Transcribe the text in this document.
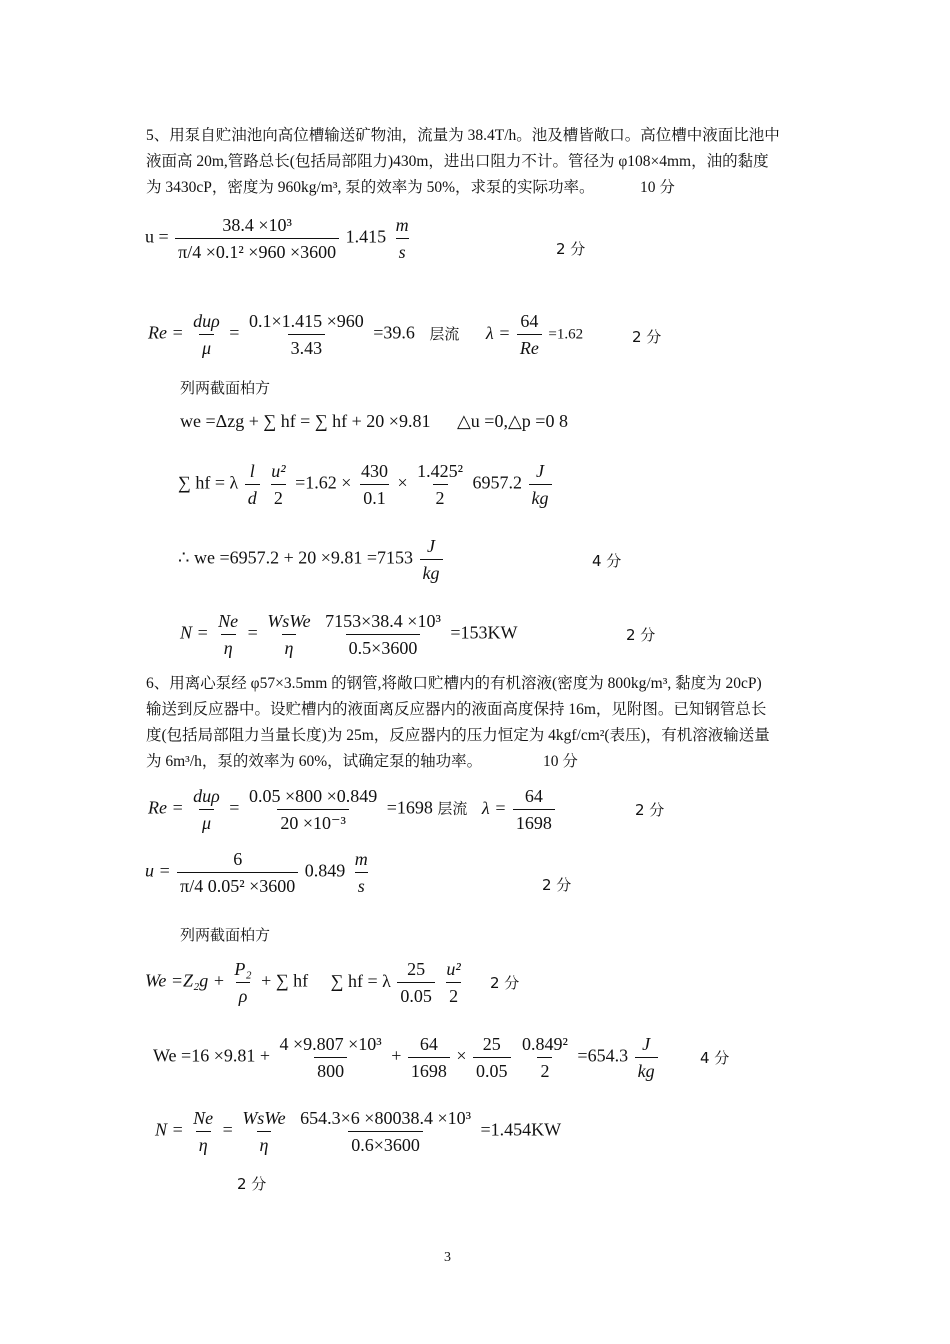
5、用泵自贮油池向高位槽输送矿物油，流量为 38.4T/h。池及槽皆敞口。高位槽中液面比池中
液面高 20m,管路总长(包括局部阻力)430m，进出口阻力不计。管径为 φ108×4mm，油的黏度
为 3430cP，密度为 960kg/m³, 泵的效率为 50%，求泵的实际功率。	10 分
$u = \frac{\text{38.4 ×10³}}{\text{π/4 ×0.1² ×960 ×3600}} 1.415 \frac{m}{s}$	2 分
$Re = \frac{\text{duρ}}{\mu} = \frac{0.1\times 1.415 \times 960}{3.43} =39.6$ 层流 $\lambda = \frac{64}{Re} =1.62$	2 分
列两截面柏方
we =Δzg + ∑ hf = ∑ hf + 20 ×9.81 △u =0,△p =0 8
∑ hf = λ $\frac{l}{d}$
$\frac{\text{u²}}{2} =1.62 \times \frac{430}{0.1} \times \frac{\text{1.425²}}{2} 6957.2 \frac{J}{kg}$
∴ we $=6957.2 + 20 \times 9.81 =7153 \frac{J}{kg}$	4 分
$N = \frac{Ne}{\eta} = \frac{\text{WsWe}}{\eta}$
$\frac{\text{7153×38.4 ×10³}}{0.5\times 3600} =153KW$	2 分
6、用离心泵经 φ57×3.5mm 的钢管,将敞口贮槽内的有机溶液(密度为 800kg/m³, 黏度为 20cP)
输送到反应器中。设贮槽内的液面离反应器内的液面高度保持 16m，见附图。已知钢管总长
度(包括局部阻力当量长度)为 25m，反应器内的压力恒定为 4kgf/cm²(表压)，有机溶液输送量
为 6m³/h，泵的效率为 60%，试确定泵的轴功率。	10 分
$Re = \frac{\text{duρ}}{\mu} = \frac{0.05 \times 800 \times 0.849}{\text{20 ×10⁻³}} =1698$ 层流 $\lambda = \frac{64}{1698}$	2 分
$u = \frac{6}{\text{π/4 0.05² ×3600}} 0.849 \frac{m}{s}$	2 分
列两截面柏方
$We =Z_2g + \frac{\text{P₂}}{\rho}$ + ∑ hf ∑ hf = λ $\frac{25}{0.05}$
$\frac{\text{u²}}{2} 2$ 分
$We =16 \times 9.81 + \frac{\text{4 ×9.807 ×10³}}{800} + \frac{64}{1698} \times \frac{25}{0.05}$
$\frac{\text{0.849²}}{2} =654.3 \frac{J}{kg}$	4 分
$N = \frac{Ne}{\eta} = \frac{\text{WsWe}}{\eta}$
$\frac{\text{654.3×6 ×80038.4 ×10³}}{0.6\times 3600} =1.454KW$
2 分
3
